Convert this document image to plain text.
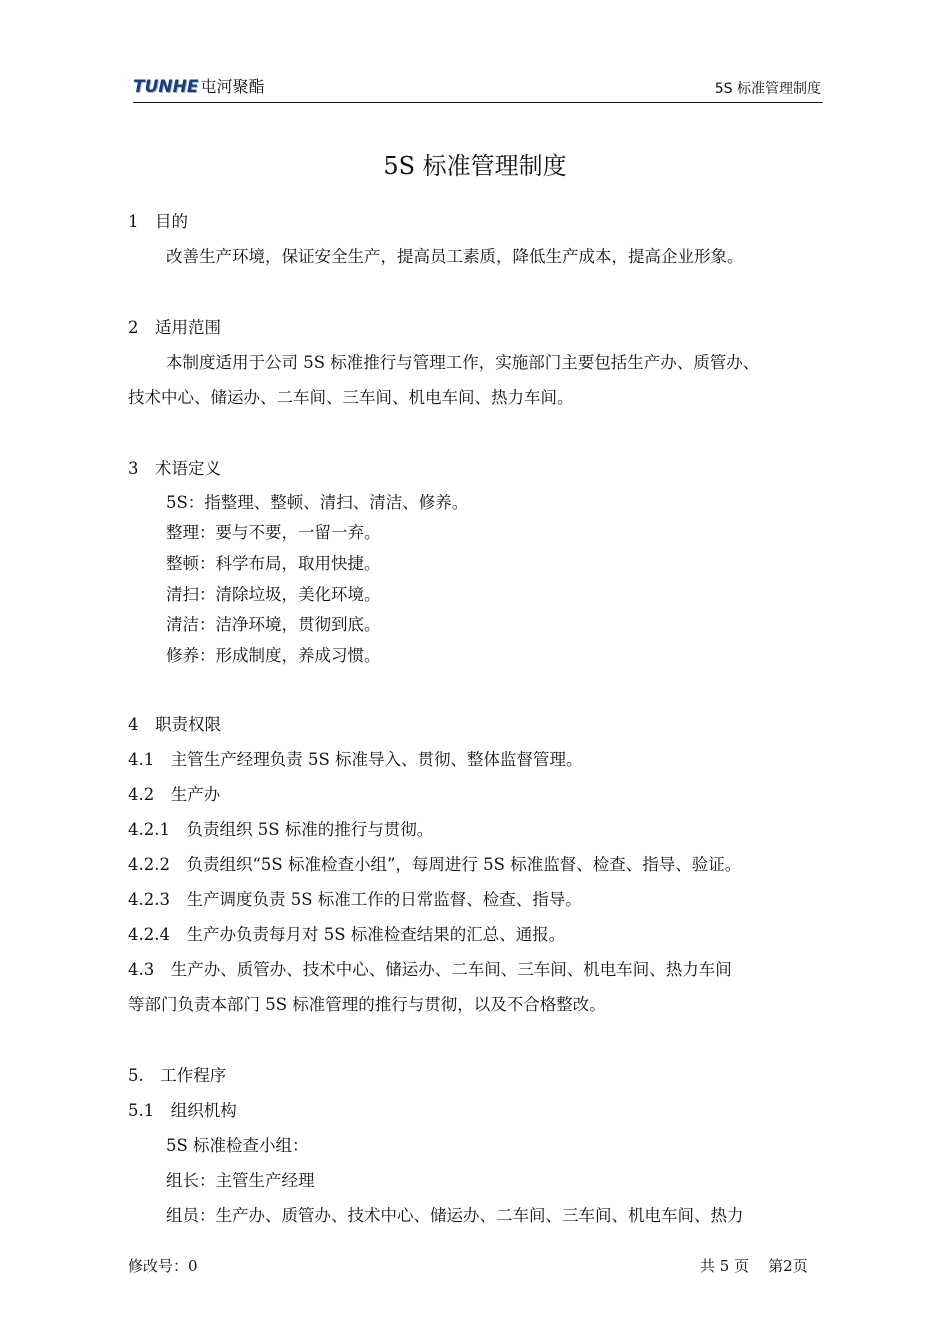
TUNHE 屯河聚酯	5S 标准管理制度
5S 标准管理制度
1　目的
改善生产环境，保证安全生产，提高员工素质，降低生产成本，提高企业形象。
2　适用范围
本制度适用于公司 5S 标准推行与管理工作，实施部门主要包括生产办、质管办、
技术中心、储运办、二车间、三车间、机电车间、热力车间。
3　术语定义
5S：指整理、整顿、清扫、清洁、修养。
整理：要与不要，一留一弃。
整顿：科学布局，取用快捷。
清扫：清除垃圾，美化环境。
清洁：洁净环境，贯彻到底。
修养：形成制度，养成习惯。
4　职责权限
4.1　主管生产经理负责 5S 标准导入、贯彻、整体监督管理。
4.2　生产办
4.2.1　负责组织 5S 标准的推行与贯彻。
4.2.2　负责组织“5S 标准检查小组”，每周进行 5S 标准监督、检查、指导、验证。
4.2.3　生产调度负责 5S 标准工作的日常监督、检查、指导。
4.2.4　生产办负责每月对 5S 标准检查结果的汇总、通报。
4.3　生产办、质管办、技术中心、储运办、二车间、三车间、机电车间、热力车间
等部门负责本部门 5S 标准管理的推行与贯彻，以及不合格整改。
5.　工作程序
5.1　组织机构
5S 标准检查小组：
组长：主管生产经理
组员：生产办、质管办、技术中心、储运办、二车间、三车间、机电车间、热力
修改号：0	共 5 页 第2页
